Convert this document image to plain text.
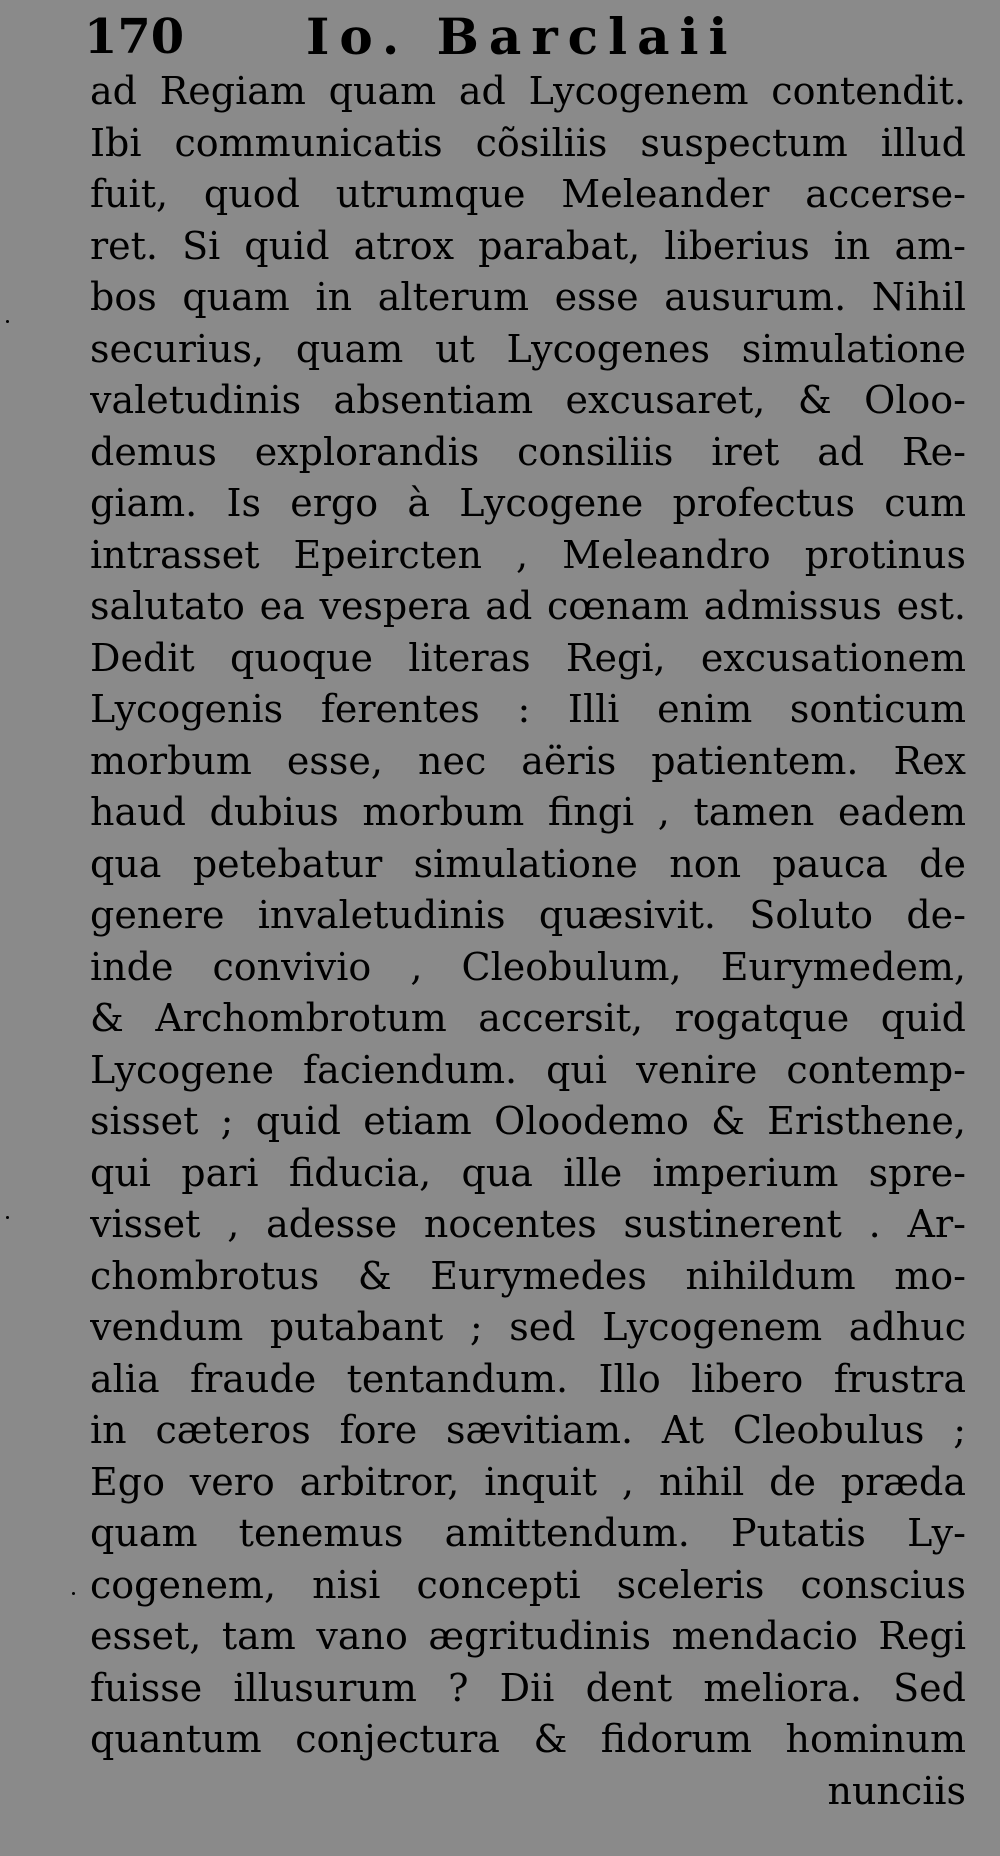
170 Io. Barclaii
ad Regiam quam ad Lycogenem contendit.
Ibi communicatis cõsiliis suspectum illud
fuit, quod utrumque Meleander accerse-
ret. Si quid atrox parabat, liberius in am-
bos quam in alterum esse ausurum. Nihil
securius, quam ut Lycogenes simulatione
valetudinis absentiam excusaret, & Oloo-
demus explorandis consiliis iret ad Re-
giam. Is ergo à Lycogene profectus cum
intrasset Epeircten , Meleandro protinus
salutato ea vespera ad cœnam admissus est.
Dedit quoque literas Regi, excusationem
Lycogenis ferentes : Illi enim sonticum
morbum esse, nec aëris patientem. Rex
haud dubius morbum fingi , tamen eadem
qua petebatur simulatione non pauca de
genere invaletudinis quæsivit. Soluto de-
inde convivio , Cleobulum, Eurymedem,
& Archombrotum accersit, rogatque quid
Lycogene faciendum. qui venire contemp-
sisset ; quid etiam Oloodemo & Eristhene,
qui pari fiducia, qua ille imperium spre-
visset , adesse nocentes sustinerent . Ar-
chombrotus & Eurymedes nihildum mo-
vendum putabant ; sed Lycogenem adhuc
alia fraude tentandum. Illo libero frustra
in cæteros fore sævitiam. At Cleobulus ;
Ego vero arbitror, inquit , nihil de præda
quam tenemus amittendum. Putatis Ly-
cogenem, nisi concepti sceleris conscius
esset, tam vano ægritudinis mendacio Regi
fuisse illusurum ? Dii dent meliora. Sed
quantum conjectura & fidorum hominum
nunciis
